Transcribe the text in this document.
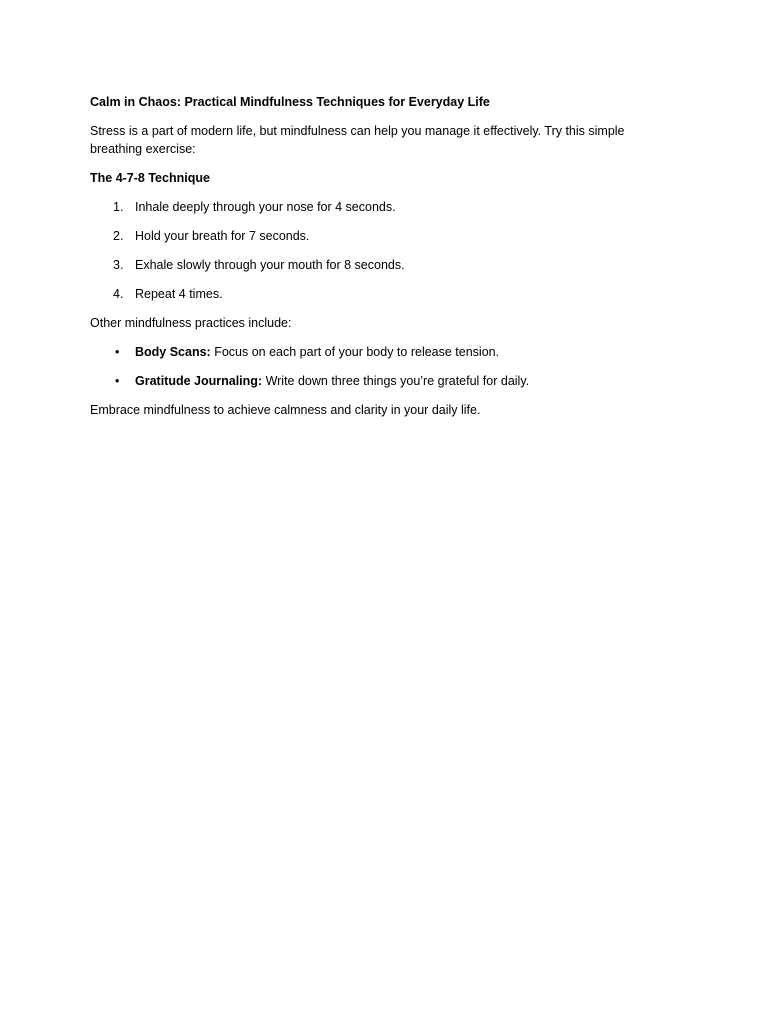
Calm in Chaos: Practical Mindfulness Techniques for Everyday Life

Stress is a part of modern life, but mindfulness can help you manage it effectively. Try this simple breathing exercise:

The 4-7-8 Technique

1. Inhale deeply through your nose for 4 seconds.
2. Hold your breath for 7 seconds.
3. Exhale slowly through your mouth for 8 seconds.
4. Repeat 4 times.

Other mindfulness practices include:

• Body Scans: Focus on each part of your body to release tension.
• Gratitude Journaling: Write down three things you’re grateful for daily.

Embrace mindfulness to achieve calmness and clarity in your daily life.
